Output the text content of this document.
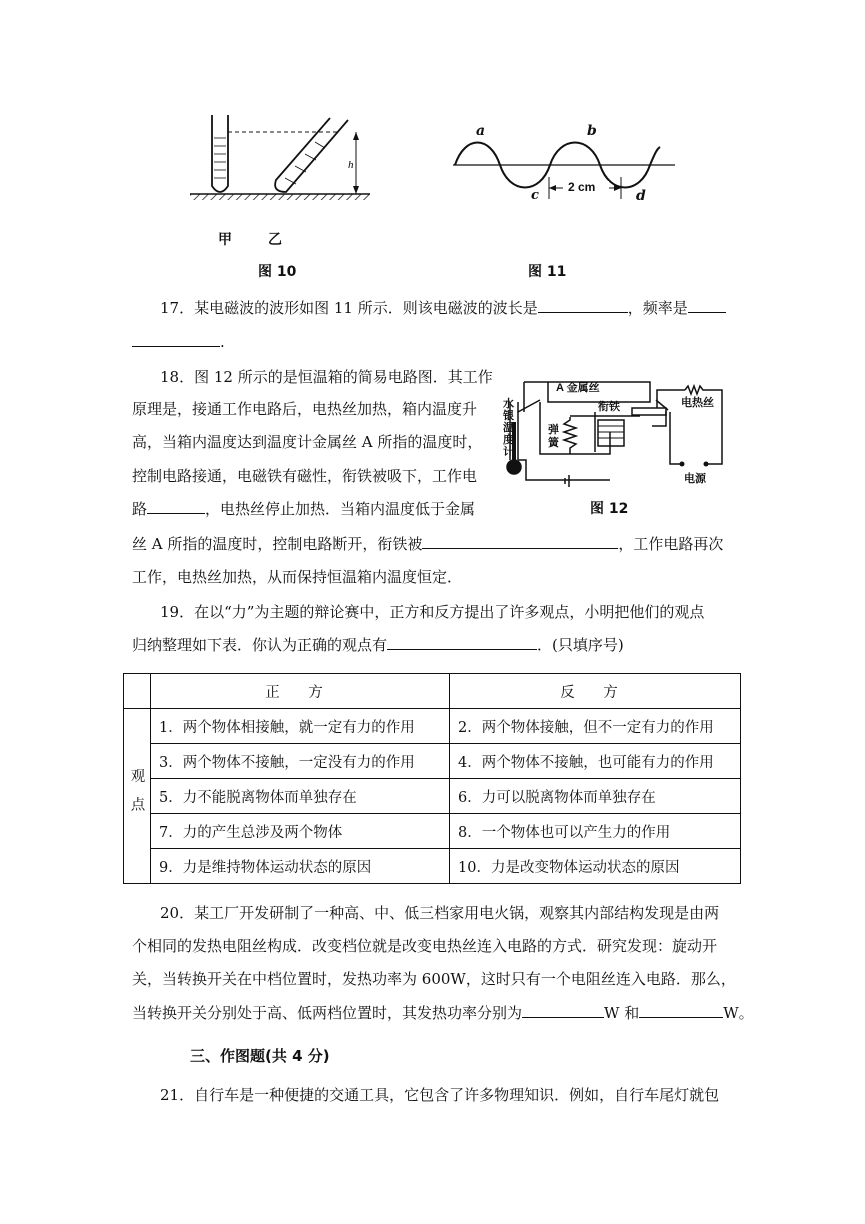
h
甲	乙
图 10
a	b
c	d
2 cm
图 11
17．某电磁波的波形如图 11 所示．则该电磁波的波长是	，频率是
.
18．图 12 所示的是恒温箱的简易电路图．其工作
原理是，接通工作电路后，电热丝加热，箱内温度升
高，当箱内温度达到温度计金属丝 A 所指的温度时，
控制电路接通，电磁铁有磁性，衔铁被吸下，工作电
路	，电热丝停止加热．当箱内温度低于金属
丝 A 所指的温度时，控制电路断开，衔铁被	，工作电路再次
工作，电热丝加热，从而保持恒温箱内温度恒定．
A 金属丝
水银温度计
衔铁	电热丝
弹簧
电源
图 12
19．在以“力”为主题的辩论赛中，正方和反方提出了许多观点，小明把他们的观点
归纳整理如下表．你认为正确的观点有	．(只填序号)
	正 方	反 方
观点	1．两个物体相接触，就一定有力的作用	2．两个物体接触，但不一定有力的作用
	3．两个物体不接触，一定没有力的作用	4．两个物体不接触，也可能有力的作用
	5．力不能脱离物体而单独存在	6．力可以脱离物体而单独存在
	7．力的产生总涉及两个物体	8．一个物体也可以产生力的作用
	9．力是维持物体运动状态的原因	10．力是改变物体运动状态的原因
20．某工厂开发研制了一种高、中、低三档家用电火锅，观察其内部结构发现是由两
个相同的发热电阻丝构成．改变档位就是改变电热丝连入电路的方式．研究发现：旋动开
关，当转换开关在中档位置时，发热功率为 600W，这时只有一个电阻丝连入电路．那么，
当转换开关分别处于高、低两档位置时，其发热功率分别为	W 和	W。
三、作图题(共 4 分)
21．自行车是一种便捷的交通工具，它包含了许多物理知识．例如，自行车尾灯就包
